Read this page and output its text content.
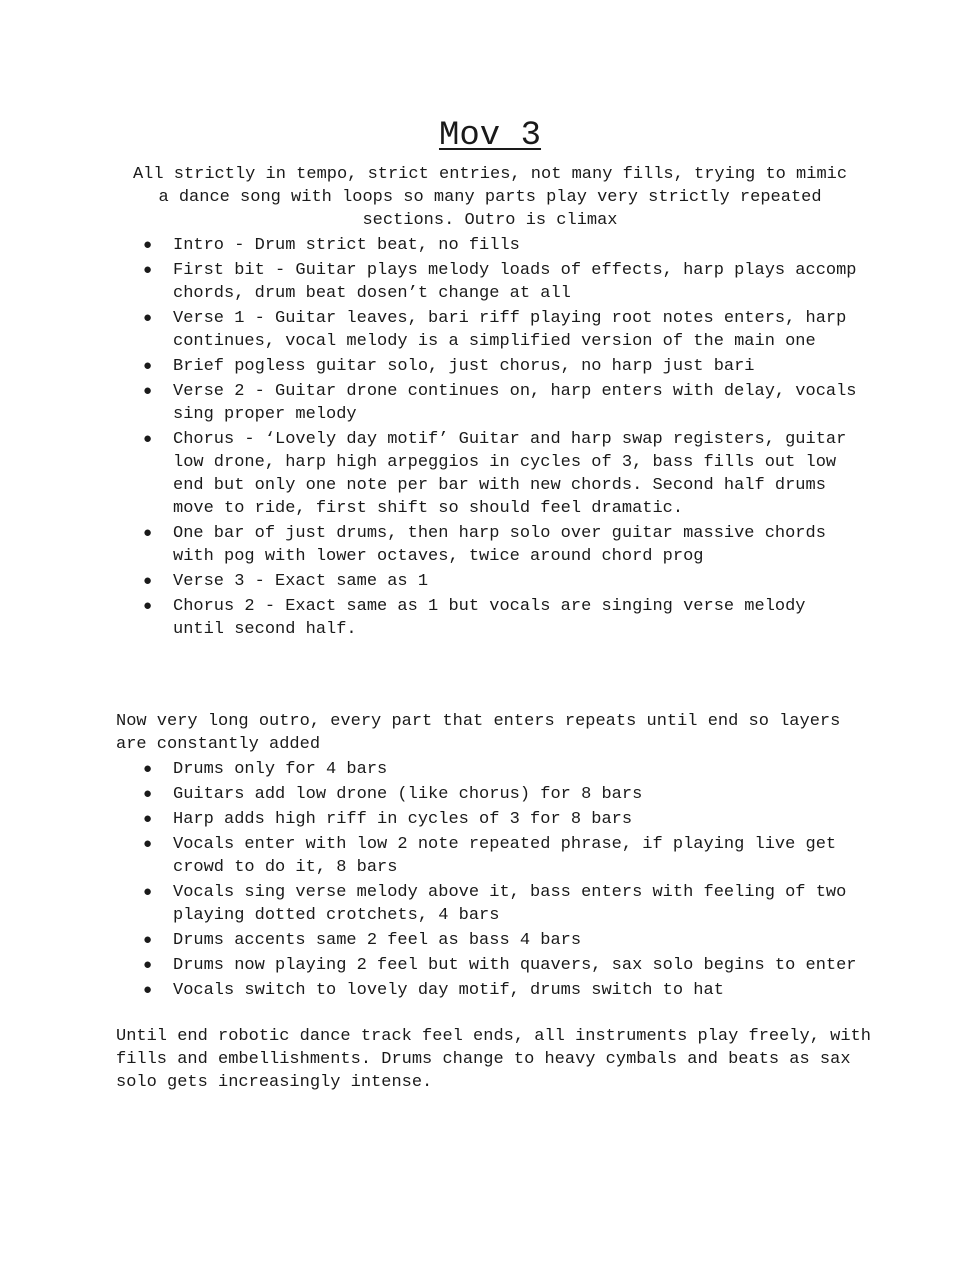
Mov 3
All strictly in tempo, strict entries, not many fills, trying to mimic a dance song with loops so many parts play very strictly repeated sections. Outro is climax
● Intro - Drum strict beat, no fills
● First bit - Guitar plays melody loads of effects, harp plays accomp chords, drum beat dosen’t change at all
● Verse 1 - Guitar leaves, bari riff playing root notes enters, harp continues, vocal melody is a simplified version of the main one
● Brief pogless guitar solo, just chorus, no harp just bari
● Verse 2 - Guitar drone continues on, harp enters with delay, vocals sing proper melody
● Chorus - ‘Lovely day motif’ Guitar and harp swap registers, guitar low drone, harp high arpeggios in cycles of 3, bass fills out low end but only one note per bar with new chords. Second half drums move to ride, first shift so should feel dramatic.
● One bar of just drums, then harp solo over guitar massive chords with pog with lower octaves, twice around chord prog
● Verse 3 - Exact same as 1
● Chorus 2 - Exact same as 1 but vocals are singing verse melody until second half.

Now very long outro, every part that enters repeats until end so layers are constantly added

● Drums only for 4 bars
● Guitars add low drone (like chorus) for 8 bars
● Harp adds high riff in cycles of 3 for 8 bars
● Vocals enter with low 2 note repeated phrase, if playing live get crowd to do it, 8 bars
● Vocals sing verse melody above it, bass enters with feeling of two playing dotted crotchets, 4 bars
● Drums accents same 2 feel as bass 4 bars
● Drums now playing 2 feel but with quavers, sax solo begins to enter
● Vocals switch to lovely day motif, drums switch to hat

Until end robotic dance track feel ends, all instruments play freely, with fills and embellishments. Drums change to heavy cymbals and beats as sax solo gets increasingly intense.
